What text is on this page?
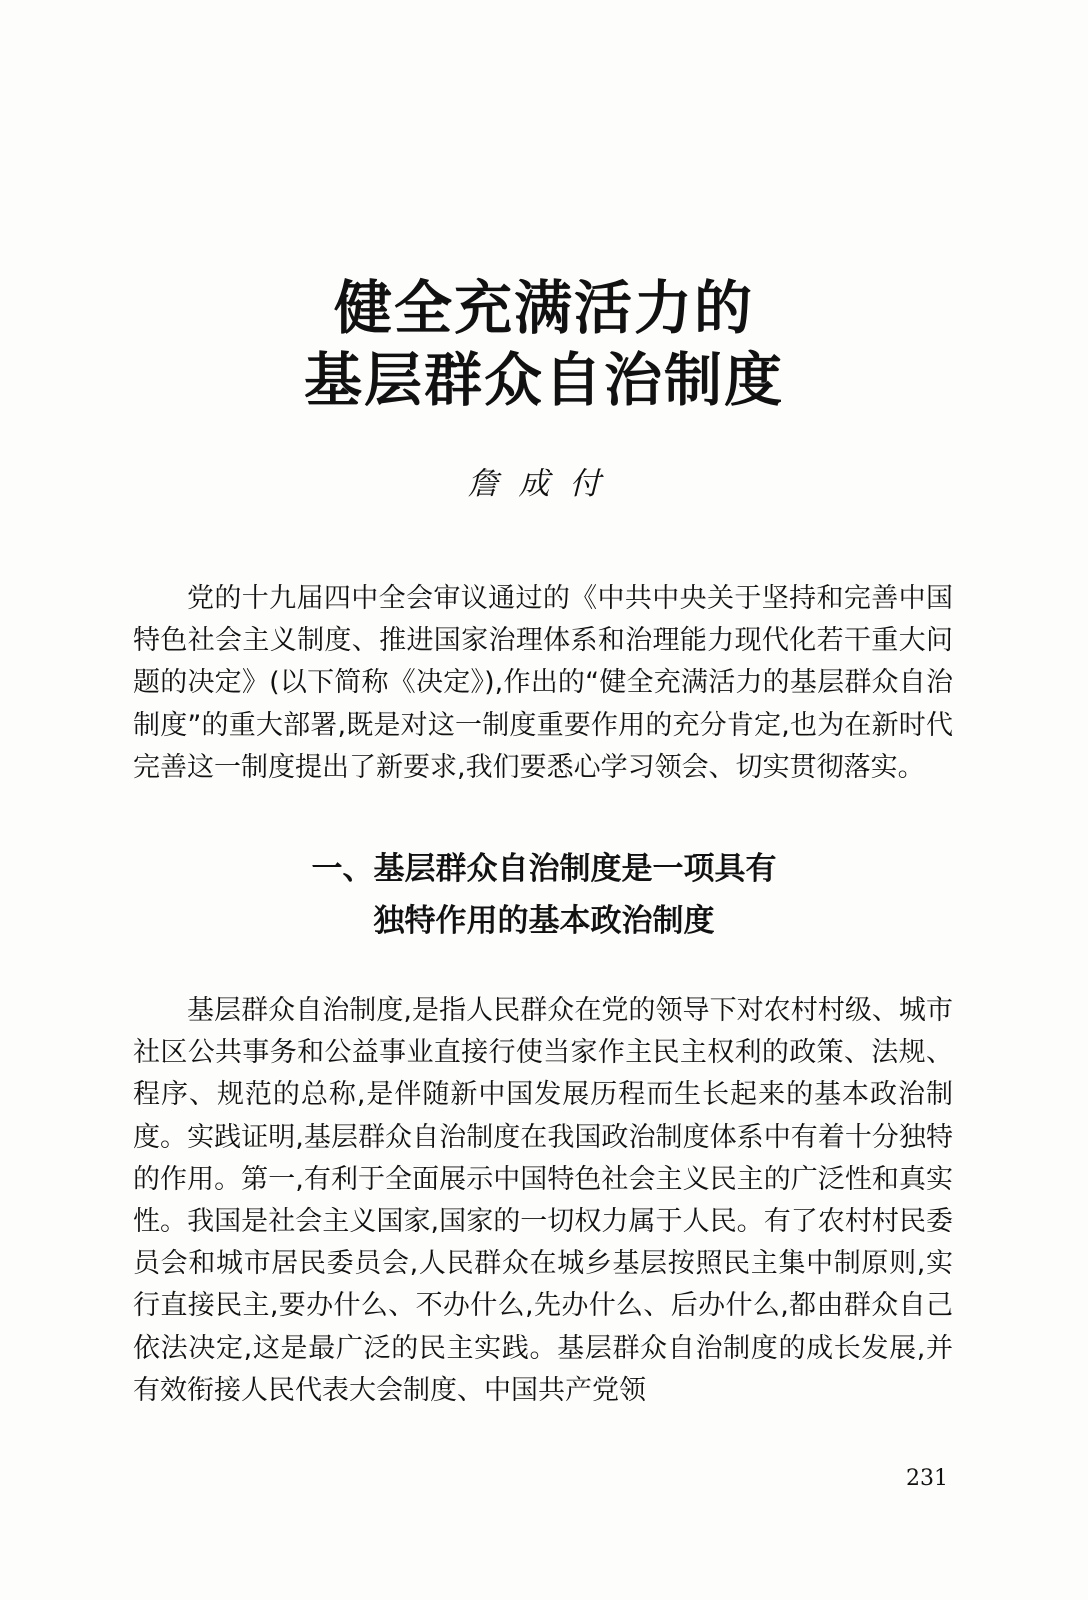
健全充满活力的
基层群众自治制度
詹成付

党的十九届四中全会审议通过的《中共中央关于坚持和完善中国特色社会主义制度、推进国家治理体系和治理能力现代化若干重大问题的决定》(以下简称《决定》),作出的“健全充满活力的基层群众自治制度”的重大部署,既是对这一制度重要作用的充分肯定,也为在新时代完善这一制度提出了新要求,我们要悉心学习领会、切实贯彻落实。

一、基层群众自治制度是一项具有
独特作用的基本政治制度

基层群众自治制度,是指人民群众在党的领导下对农村村级、城市社区公共事务和公益事业直接行使当家作主民主权利的政策、法规、程序、规范的总称,是伴随新中国发展历程而生长起来的基本政治制度。实践证明,基层群众自治制度在我国政治制度体系中有着十分独特的作用。第一,有利于全面展示中国特色社会主义民主的广泛性和真实性。我国是社会主义国家,国家的一切权力属于人民。有了农村村民委员会和城市居民委员会,人民群众在城乡基层按照民主集中制原则,实行直接民主,要办什么、不办什么,先办什么、后办什么,都由群众自己依法决定,这是最广泛的民主实践。基层群众自治制度的成长发展,并有效衔接人民代表大会制度、中国共产党领

231
